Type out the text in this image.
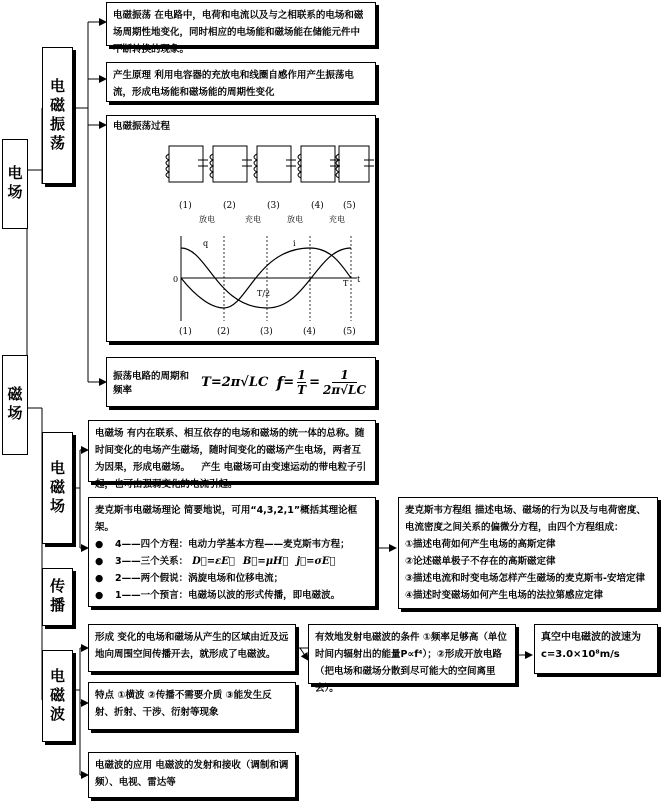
电场
电磁振荡
电磁振荡 在电路中，电荷和电流以及与之相联系的电场和磁场周期性地变化，同时相应的电场能和磁场能在储能元件中不断转换的现象。
产生原理 利用电容器的充放电和线圈自感作用产生振荡电流，形成电场能和磁场能的周期性变化
电磁振荡过程
(1)	(2)	(3)	(4) (5)
放电	充电	放电	充电
q	i
0	t
T/2
T
(1)	(2)	(3)	(4)	(5)
振荡电路的周期和频率
T=2π√LC $f = \frac{1}{T} = \frac{1}{2\pi√LC}$
磁场
电磁场
传播
电磁波
电磁场 有内在联系、相互依存的电场和磁场的统一体的总称。随时间变化的电场产生磁场，随时间变化的磁场产生电场，两者互为因果，形成电磁场。 产生 电磁场可由变速运动的带电粒子引起，也可由强弱变化的电流引起。
麦克斯韦电磁场理论 简要地说，可用“4,3,2,1”概括其理论框架。
●	4——四个方程：电动力学基本方程——麦克斯韦方程；
●	3——三个关系： D⃗=εE⃗ B⃗=μH⃗ j⃗=σE⃗
●	2——两个假说：涡旋电场和位移电流；
●	1——一个预言：电磁场以波的形式传播，即电磁波。
麦克斯韦方程组 描述电场、磁场的行为以及与电荷密度、电流密度之间关系的偏微分方程，由四个方程组成：
①描述电荷如何产生电场的高斯定律
②论述磁单极子不存在的高斯磁定律
③描述电流和时变电场怎样产生磁场的麦克斯韦-安培定律
④描述时变磁场如何产生电场的法拉第感应定律
形成 变化的电场和磁场从产生的区域由近及远地向周围空间传播开去，就形成了电磁波。
有效地发射电磁波的条件 ①频率足够高（单位时间内辐射出的能量P∝f⁴）；②形成开放电路（把电场和磁场分散到尽可能大的空间离里去）。
真空中电磁波的波速为c=3.0×10⁸m/s
特点 ①横波 ②传播不需要介质 ③能发生反射、折射、干涉、衍射等现象
电磁波的应用 电磁波的发射和接收（调制和调频）、电视、雷达等
